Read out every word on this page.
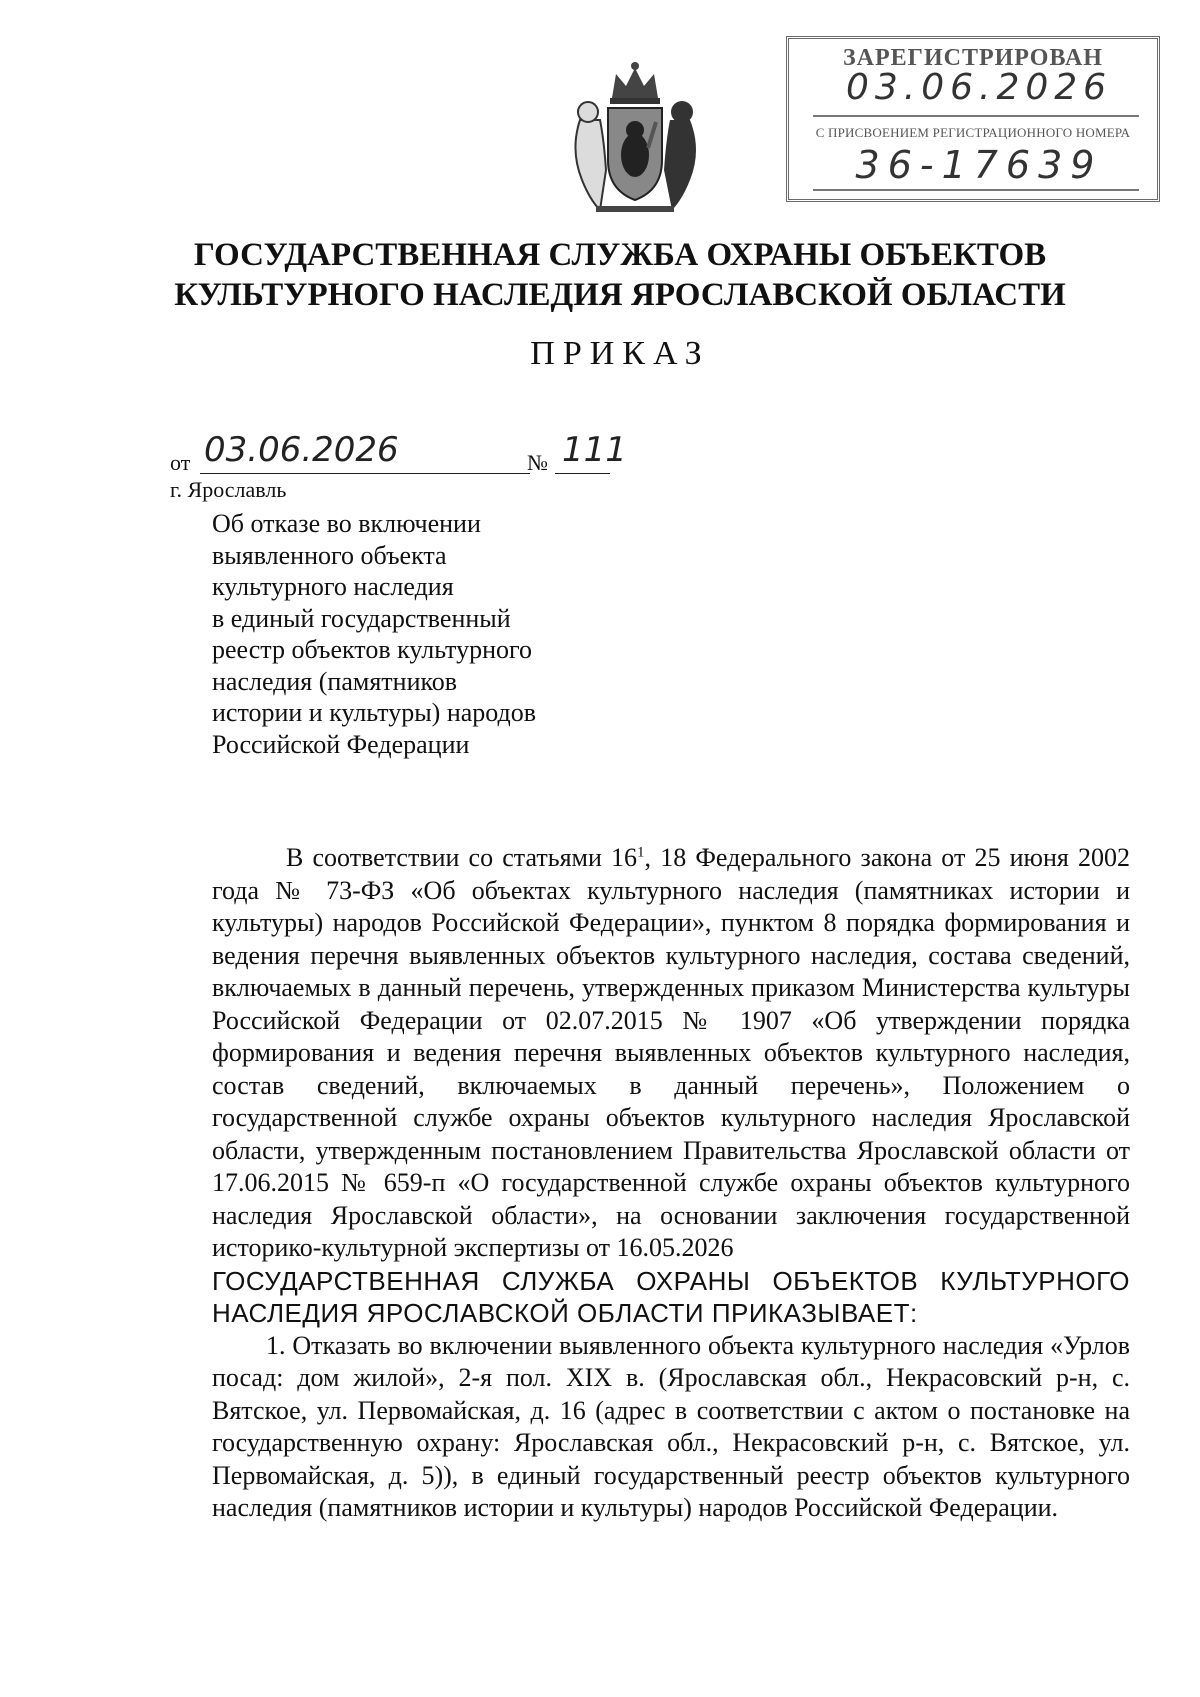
ЗАРЕГИСТРИРОВАН
03.06.2026
С ПРИСВОЕНИЕМ РЕГИСТРАЦИОННОГО НОМЕРА
36-17639
ГОСУДАРСТВЕННАЯ СЛУЖБА ОХРАНЫ ОБЪЕКТОВ
КУЛЬТУРНОГО НАСЛЕДИЯ ЯРОСЛАВСКОЙ ОБЛАСТИ
ПРИКАЗ
от 03.06.2026	№ 111
г. Ярославль
Об отказе во включении
выявленного объекта
культурного наследия
в единый государственный
реестр объектов культурного
наследия (памятников
истории и культуры) народов
Российской Федерации

В соответствии со статьями $16^1$, 18 Федерального закона от 25 июня 2002 года № 73-ФЗ «Об объектах культурного наследия (памятниках истории и культуры) народов Российской Федерации», пунктом 8 порядка формирования и ведения перечня выявленных объектов культурного наследия, состава сведений, включаемых в данный перечень, утвержденных приказом Министерства культуры Российской Федерации от 02.07.2015 № 1907 «Об утверждении порядка формирования и ведения перечня выявленных объектов культурного наследия, состав сведений, включаемых в данный перечень», Положением о государственной службе охраны объектов культурного наследия Ярославской области, утвержденным постановлением Правительства Ярославской области от 17.06.2015 № 659-п «О государственной службе охраны объектов культурного наследия Ярославской области», на основании заключения государственной историко-культурной экспертизы от 16.05.2026

ГОСУДАРСТВЕННАЯ СЛУЖБА ОХРАНЫ ОБЪЕКТОВ КУЛЬТУРНОГО НАСЛЕДИЯ ЯРОСЛАВСКОЙ ОБЛАСТИ ПРИКАЗЫВАЕТ:

1. Отказать во включении выявленного объекта культурного наследия «Урлов посад: дом жилой», 2-я пол. XIX в. (Ярославская обл., Некрасовский р-н, с. Вятское, ул. Первомайская, д. 16 (адрес в соответствии с актом о постановке на государственную охрану: Ярославская обл., Некрасовский р-н, с. Вятское, ул. Первомайская, д. 5)), в единый государственный реестр объектов культурного наследия (памятников истории и культуры) народов Российской Федерации.
